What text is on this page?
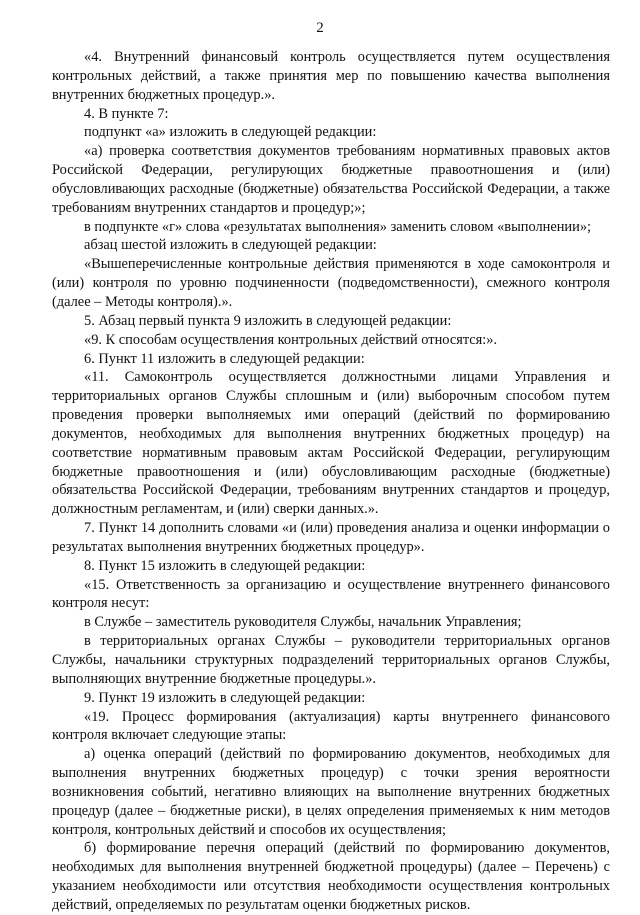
2

«4. Внутренний финансовый контроль осуществляется путем осуществления контрольных действий, а также принятия мер по повышению качества выполнения внутренних бюджетных процедур.».

4. В пункте 7:

подпункт «а» изложить в следующей редакции:

«а) проверка соответствия документов требованиям нормативных правовых актов Российской Федерации, регулирующих бюджетные правоотношения и (или) обусловливающих расходные (бюджетные) обязательства Российской Федерации, а также требованиям внутренних стандартов и процедур;»;

в подпункте «г» слова «результатах выполнения» заменить словом «выполнении»;

абзац шестой изложить в следующей редакции:

«Вышеперечисленные контрольные действия применяются в ходе самоконтроля и (или) контроля по уровню подчиненности (подведомственности), смежного контроля (далее – Методы контроля).».

5. Абзац первый пункта 9 изложить в следующей редакции:

«9. К способам осуществления контрольных действий относятся:».

6. Пункт 11 изложить в следующей редакции:

«11. Самоконтроль осуществляется должностными лицами Управления и территориальных органов Службы сплошным и (или) выборочным способом путем проведения проверки выполняемых ими операций (действий по формированию документов, необходимых для выполнения внутренних бюджетных процедур) на соответствие нормативным правовым актам Российской Федерации, регулирующим бюджетные правоотношения и (или) обусловливающим расходные (бюджетные) обязательства Российской Федерации, требованиям внутренних стандартов и процедур, должностным регламентам, и (или) сверки данных.».

7. Пункт 14 дополнить словами «и (или) проведения анализа и оценки информации о результатах выполнения внутренних бюджетных процедур».

8. Пункт 15 изложить в следующей редакции:

«15. Ответственность за организацию и осуществление внутреннего финансового контроля несут:

в Службе – заместитель руководителя Службы, начальник Управления;

в территориальных органах Службы – руководители территориальных органов Службы, начальники структурных подразделений территориальных органов Службы, выполняющих внутренние бюджетные процедуры.».

9. Пункт 19 изложить в следующей редакции:

«19. Процесс формирования (актуализация) карты внутреннего финансового контроля включает следующие этапы:

а) оценка операций (действий по формированию документов, необходимых для выполнения внутренних бюджетных процедур) с точки зрения вероятности возникновения событий, негативно влияющих на выполнение внутренних бюджетных процедур (далее – бюджетные риски), в целях определения применяемых к ним методов контроля, контрольных действий и способов их осуществления;

б) формирование перечня операций (действий по формированию документов, необходимых для выполнения внутренней бюджетной процедуры) (далее – Перечень) с указанием необходимости или отсутствия необходимости осуществления контрольных действий, определяемых по результатам оценки бюджетных рисков.
